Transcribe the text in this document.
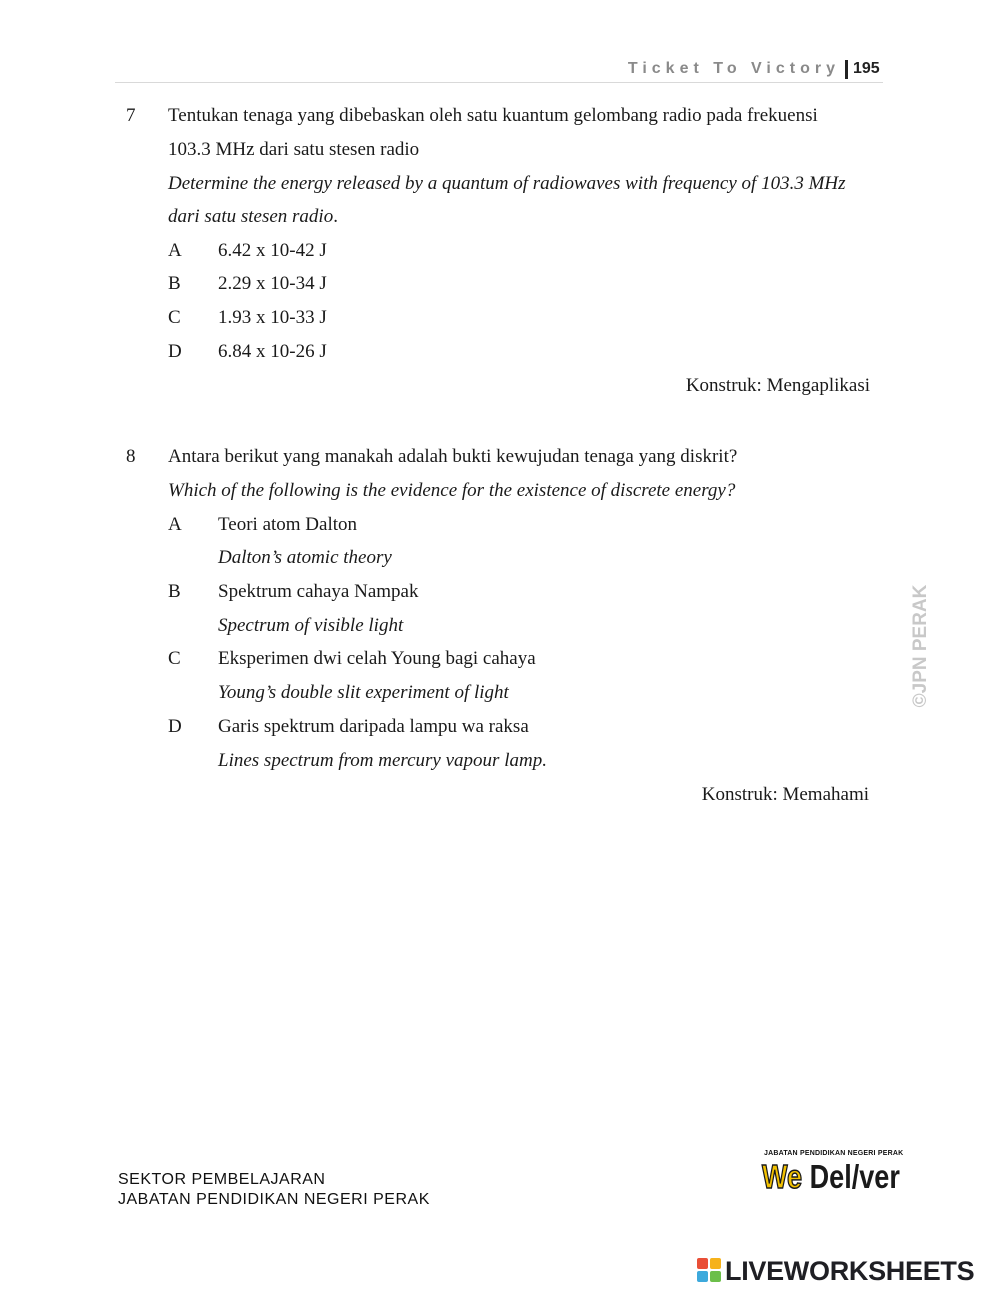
Ticket To Victory 195
7 Tentukan tenaga yang dibebaskan oleh satu kuantum gelombang radio pada frekuensi
103.3 MHz dari satu stesen radio
Determine the energy released by a quantum of radiowaves with frequency of 103.3 MHz
dari satu stesen radio.
A 6.42 x 10-42 J
B 2.29 x 10-34 J
C 1.93 x 10-33 J
D 6.84 x 10-26 J
Konstruk: Mengaplikasi
8 Antara berikut yang manakah adalah bukti kewujudan tenaga yang diskrit?
Which of the following is the evidence for the existence of discrete energy?
A Teori atom Dalton
Dalton’s atomic theory
B Spektrum cahaya Nampak
Spectrum of visible light
C Eksperimen dwi celah Young bagi cahaya
Young’s double slit experiment of light
D Garis spektrum daripada lampu wa raksa
Lines spectrum from mercury vapour lamp.
Konstruk: Memahami
©JPN PERAK
SEKTOR PEMBELAJARAN
JABATAN PENDIDIKAN NEGERI PERAK
JABATAN PENDIDIKAN NEGERI PERAK
We Del/ver
LIVEWORKSHEETS
